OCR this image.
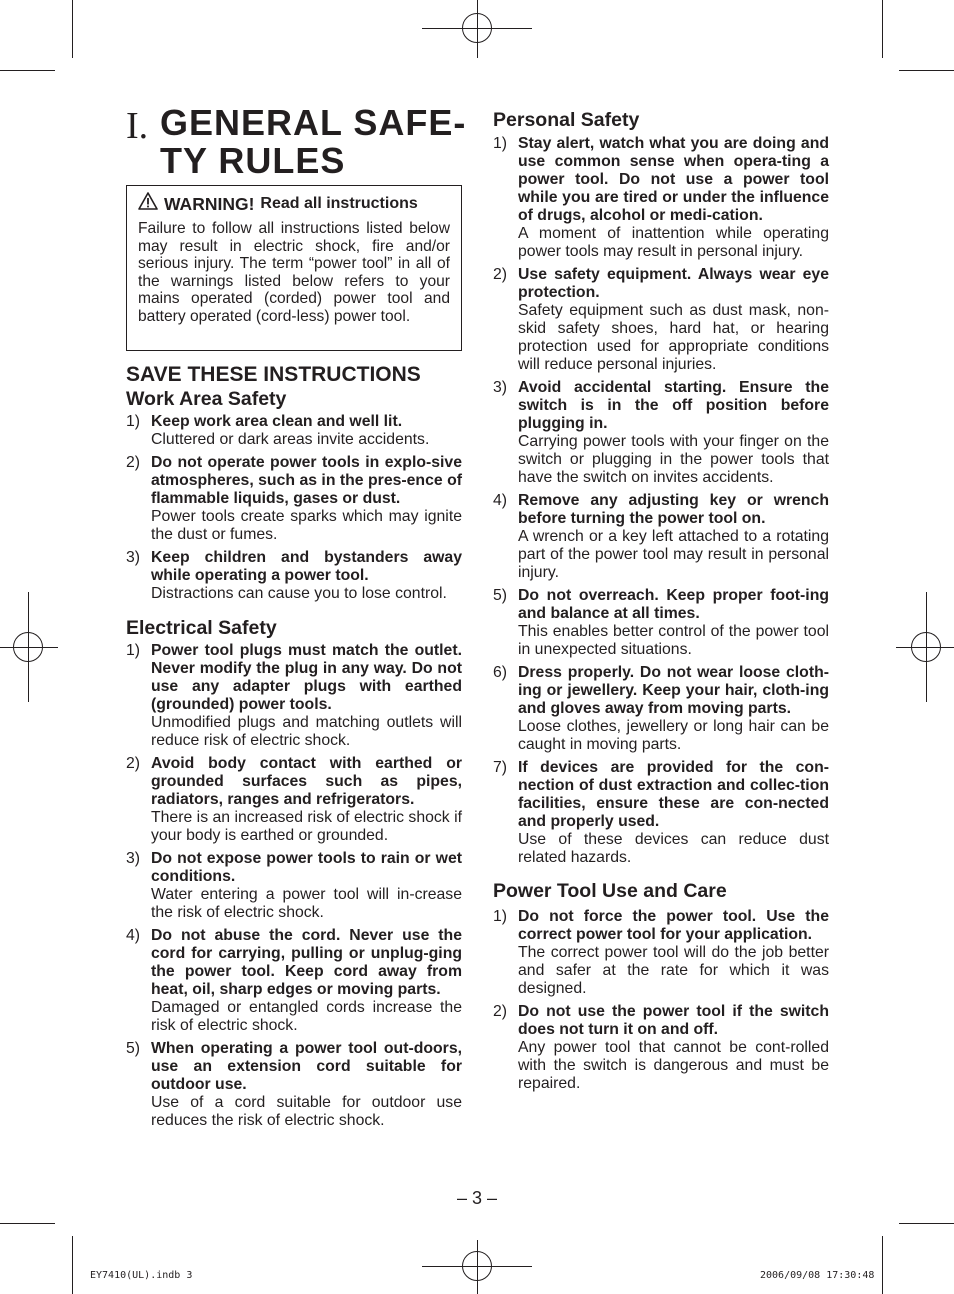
I. GENERAL SAFE-
TY RULES
WARNING! Read all instructions
Failure to follow all instructions listed below may result in electric shock, fire and/or serious injury. The term “power tool” in all of the warnings listed below refers to your mains operated (corded) power tool and battery operated (cord-less) power tool.
SAVE THESE INSTRUCTIONS
Work Area Safety
1) Keep work area clean and well lit.
Cluttered or dark areas invite accidents.
2) Do not operate power tools in explo-sive atmospheres, such as in the pres-ence of flammable liquids, gases or dust.
Power tools create sparks which may ignite the dust or fumes.
3) Keep children and bystanders away while operating a power tool.
Distractions can cause you to lose control.
Electrical Safety
1) Power tool plugs must match the outlet. Never modify the plug in any way. Do not use any adapter plugs with earthed (grounded) power tools.
Unmodified plugs and matching outlets will reduce risk of electric shock.
2) Avoid body contact with earthed or grounded surfaces such as pipes, radiators, ranges and refrigerators.
There is an increased risk of electric shock if your body is earthed or grounded.
3) Do not expose power tools to rain or wet conditions.
Water entering a power tool will in-crease the risk of electric shock.
4) Do not abuse the cord. Never use the cord for carrying, pulling or unplug-ging the power tool. Keep cord away from heat, oil, sharp edges or moving parts.
Damaged or entangled cords increase the risk of electric shock.
5) When operating a power tool out-doors, use an extension cord suitable for outdoor use.
Use of a cord suitable for outdoor use reduces the risk of electric shock.
Personal Safety
1) Stay alert, watch what you are doing and use common sense when opera-ting a power tool. Do not use a power tool while you are tired or under the influence of drugs, alcohol or medi-cation.
A moment of inattention while operating power tools may result in personal injury.
2) Use safety equipment. Always wear eye protection.
Safety equipment such as dust mask, non-skid safety shoes, hard hat, or hearing protection used for appropriate conditions will reduce personal injuries.
3) Avoid accidental starting. Ensure the switch is in the off position before plugging in.
Carrying power tools with your finger on the switch or plugging in the power tools that have the switch on invites accidents.
4) Remove any adjusting key or wrench before turning the power tool on.
A wrench or a key left attached to a rotating part of the power tool may result in personal injury.
5) Do not overreach. Keep proper foot-ing and balance at all times.
This enables better control of the power tool in unexpected situations.
6) Dress properly. Do not wear loose cloth-ing or jewellery. Keep your hair, cloth-ing and gloves away from moving parts.
Loose clothes, jewellery or long hair can be caught in moving parts.
7) If devices are provided for the con-nection of dust extraction and collec-tion facilities, ensure these are con-nected and properly used.
Use of these devices can reduce dust related hazards.
Power Tool Use and Care
1) Do not force the power tool. Use the correct power tool for your application.
The correct power tool will do the job better and safer at the rate for which it was designed.
2) Do not use the power tool if the switch does not turn it on and off.
Any power tool that cannot be cont-rolled with the switch is dangerous and must be repaired.
– 3 –
EY7410(UL).indb 3	2006/09/08 17:30:48
